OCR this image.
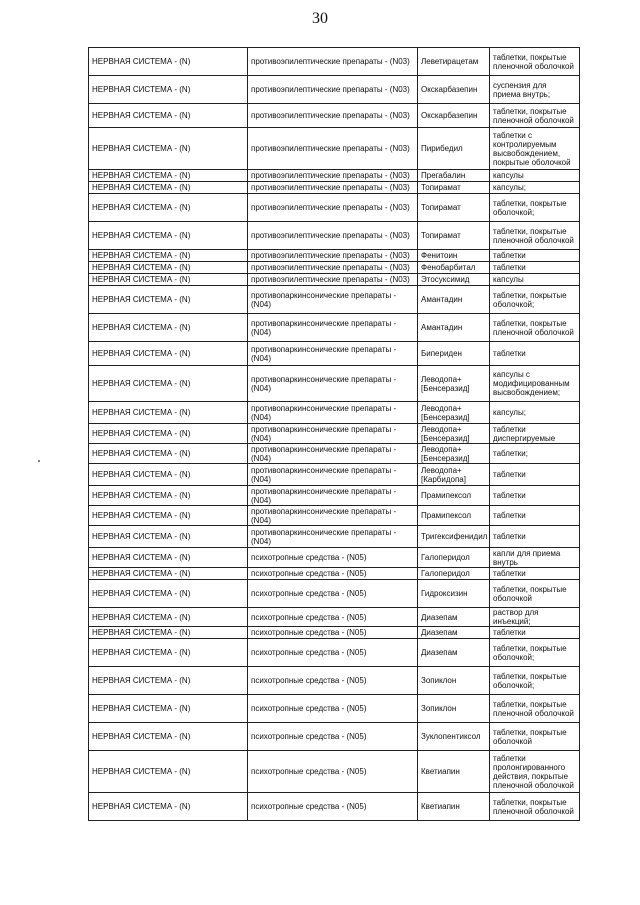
30
НЕРВНАЯ СИСТЕМА - (N)	противоэпилептические препараты - (N03)	Леветирацетам	таблетки, покрытые пленочной оболочкой
НЕРВНАЯ СИСТЕМА - (N)	противоэпилептические препараты - (N03)	Окскарбазепин	суспензия для приема внутрь;
НЕРВНАЯ СИСТЕМА - (N)	противоэпилептические препараты - (N03)	Окскарбазепин	таблетки, покрытые пленочной оболочкой
НЕРВНАЯ СИСТЕМА - (N)	противоэпилептические препараты - (N03)	Пирибедил	таблетки с контролируемым высвобождением, покрытые оболочкой
НЕРВНАЯ СИСТЕМА - (N)	противоэпилептические препараты - (N03)	Прегабалин	капсулы
НЕРВНАЯ СИСТЕМА - (N)	противоэпилептические препараты - (N03)	Топирамат	капсулы;
НЕРВНАЯ СИСТЕМА - (N)	противоэпилептические препараты - (N03)	Топирамат	таблетки, покрытые оболочкой;
НЕРВНАЯ СИСТЕМА - (N)	противоэпилептические препараты - (N03)	Топирамат	таблетки, покрытые пленочной оболочкой
НЕРВНАЯ СИСТЕМА - (N)	противоэпилептические препараты - (N03)	Фенитоин	таблетки
НЕРВНАЯ СИСТЕМА - (N)	противоэпилептические препараты - (N03)	Фенобарбитал	таблетки
НЕРВНАЯ СИСТЕМА - (N)	противоэпилептические препараты - (N03)	Этосуксимид	капсулы
НЕРВНАЯ СИСТЕМА - (N)	противопаркинсонические препараты - (N04)	Амантадин	таблетки, покрытые оболочкой;
НЕРВНАЯ СИСТЕМА - (N)	противопаркинсонические препараты - (N04)	Амантадин	таблетки, покрытые пленочной оболочкой
НЕРВНАЯ СИСТЕМА - (N)	противопаркинсонические препараты - (N04)	Бипериден	таблетки
НЕРВНАЯ СИСТЕМА - (N)	противопаркинсонические препараты - (N04)	Леводопа+[Бенсеразид]	капсулы с модифицированным высвобождением;
НЕРВНАЯ СИСТЕМА - (N)	противопаркинсонические препараты - (N04)	Леводопа+[Бенсеразид]	капсулы;
НЕРВНАЯ СИСТЕМА - (N)	противопаркинсонические препараты - (N04)	Леводопа+[Бенсеразид]	таблетки диспергируемые
НЕРВНАЯ СИСТЕМА - (N)	противопаркинсонические препараты - (N04)	Леводопа+[Бенсеразид]	таблетки;
НЕРВНАЯ СИСТЕМА - (N)	противопаркинсонические препараты - (N04)	Леводопа+[Карбидопа]	таблетки
НЕРВНАЯ СИСТЕМА - (N)	противопаркинсонические препараты - (N04)	Прамипексол	таблетки
НЕРВНАЯ СИСТЕМА - (N)	противопаркинсонические препараты - (N04)	Прамипексол	таблетки
НЕРВНАЯ СИСТЕМА - (N)	противопаркинсонические препараты - (N04)	Тригексифенидил	таблетки
НЕРВНАЯ СИСТЕМА - (N)	психотропные средства - (N05)	Галоперидол	капли для приема внутрь
НЕРВНАЯ СИСТЕМА - (N)	психотропные средства - (N05)	Галоперидол	таблетки
НЕРВНАЯ СИСТЕМА - (N)	психотропные средства - (N05)	Гидроксизин	таблетки, покрытые оболочкой
НЕРВНАЯ СИСТЕМА - (N)	психотропные средства - (N05)	Диазепам	раствор для инъекций;
НЕРВНАЯ СИСТЕМА - (N)	психотропные средства - (N05)	Диазепам	таблетки
НЕРВНАЯ СИСТЕМА - (N)	психотропные средства - (N05)	Диазепам	таблетки, покрытые оболочкой;
НЕРВНАЯ СИСТЕМА - (N)	психотропные средства - (N05)	Зопиклон	таблетки, покрытые оболочкой;
НЕРВНАЯ СИСТЕМА - (N)	психотропные средства - (N05)	Зопиклон	таблетки, покрытые пленочной оболочкой
НЕРВНАЯ СИСТЕМА - (N)	психотропные средства - (N05)	Зуклопентиксол	таблетки, покрытые оболочкой
НЕРВНАЯ СИСТЕМА - (N)	психотропные средства - (N05)	Кветиапин	таблетки пролонгированного действия, покрытые пленочной оболочкой
НЕРВНАЯ СИСТЕМА - (N)	психотропные средства - (N05)	Кветиапин	таблетки, покрытые пленочной оболочкой
